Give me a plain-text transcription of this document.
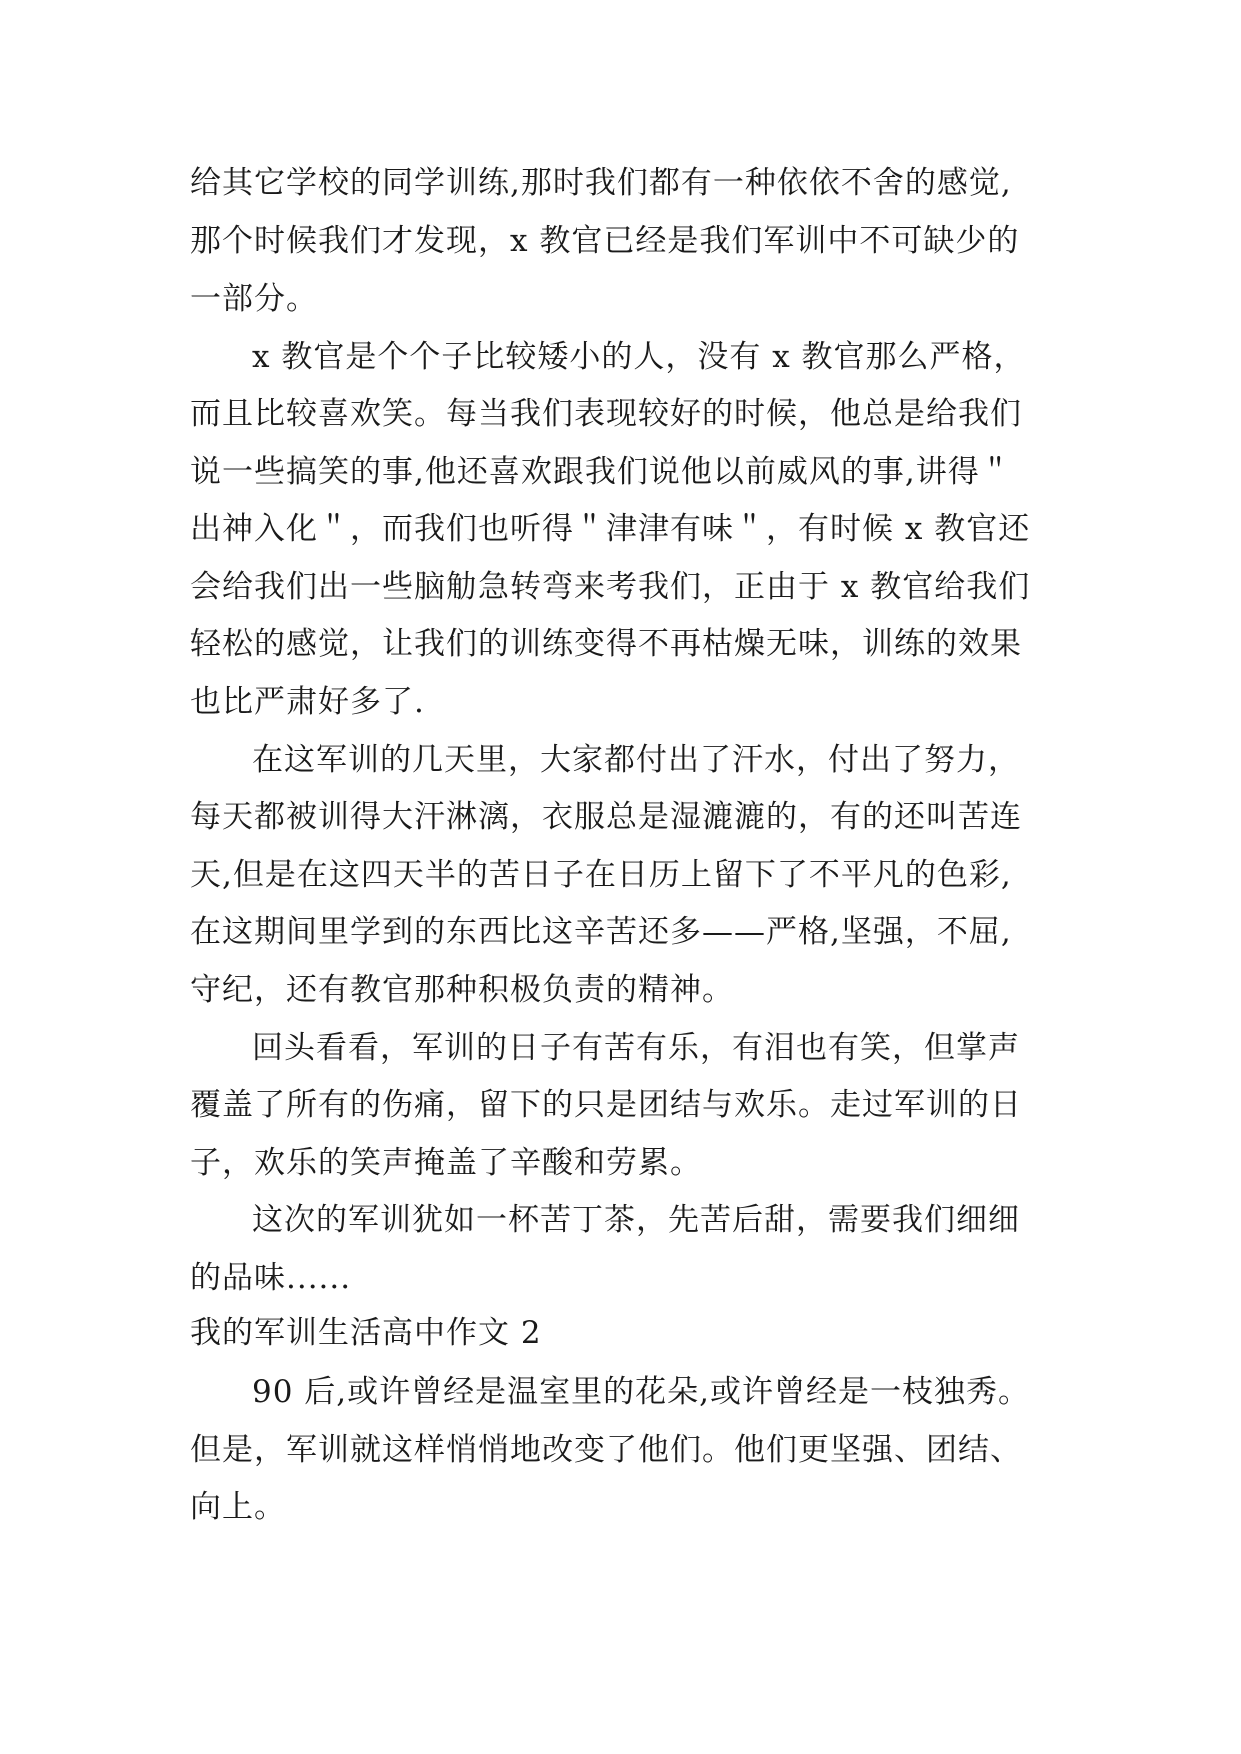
给其它学校的同学训练,那时我们都有一种依依不舍的感觉,
那个时候我们才发现，x 教官已经是我们军训中不可缺少的
一部分。
x 教官是个个子比较矮小的人，没有 x 教官那么严格，
而且比较喜欢笑。每当我们表现较好的时候，他总是给我们
说一些搞笑的事,他还喜欢跟我们说他以前威风的事,讲得＂
出神入化＂，而我们也听得＂津津有味＂，有时候 x 教官还
会给我们出一些脑觔急转弯来考我们，正由于 x 教官给我们
轻松的感觉，让我们的训练变得不再枯燥无味，训练的效果
也比严肃好多了.
在这军训的几天里，大家都付出了汗水，付出了努力，
每天都被训得大汗淋漓，衣服总是湿漉漉的，有的还叫苦连
天,但是在这四天半的苦日子在日历上留下了不平凡的色彩,
在这期间里学到的东西比这辛苦还多——严格,坚强，不屈,
守纪，还有教官那种积极负责的精神。
回头看看，军训的日子有苦有乐，有泪也有笑，但掌声
覆盖了所有的伤痛，留下的只是团结与欢乐。走过军训的日
子，欢乐的笑声掩盖了辛酸和劳累。
这次的军训犹如一杯苦丁茶，先苦后甜，需要我们细细
的品味......
我的军训生活高中作文 2
90 后,或许曾经是温室里的花朵,或许曾经是一枝独秀。
但是，军训就这样悄悄地改变了他们。他们更坚强、团结、
向上。
